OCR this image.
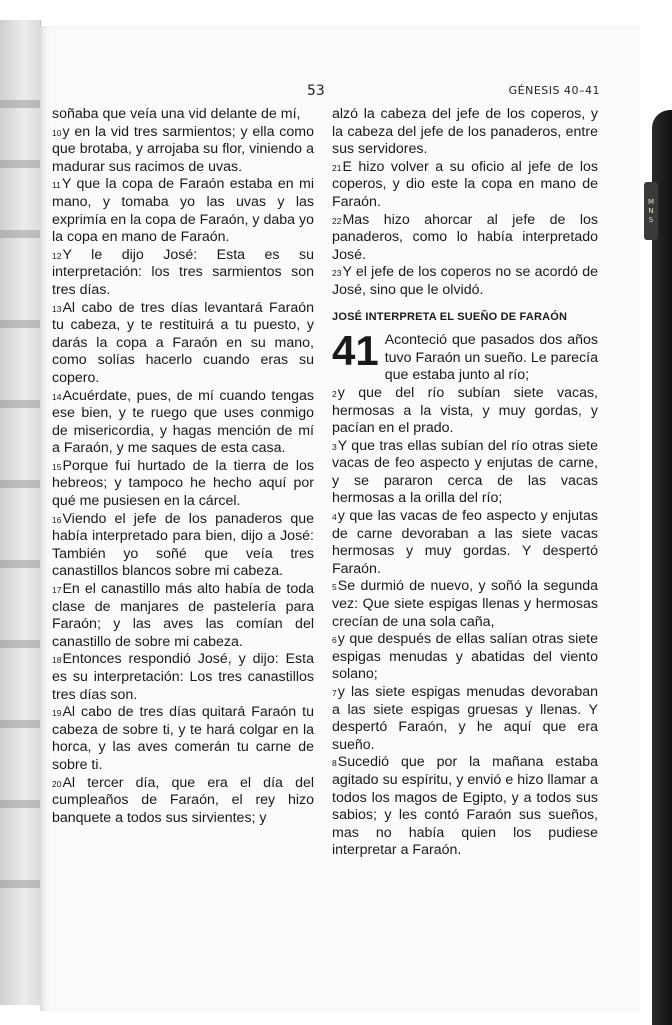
M
N
S
53	GÉNESIS 40–41

soñaba que veía una vid delante de mí,

$^{10}$y en la vid tres sarmientos; y ella como que brotaba, y arrojaba su flor, viniendo a madurar sus racimos de uvas.

$^{11}$Y que la copa de Faraón estaba en mi mano, y tomaba yo las uvas y las exprimía en la copa de Faraón, y daba yo la copa en mano de Faraón.

$^{12}$Y le dijo José: Esta es su interpretación: los tres sarmientos son tres días.

$^{13}$Al cabo de tres días levantará Faraón tu cabeza, y te restituirá a tu puesto, y darás la copa a Faraón en su mano, como solías hacerlo cuando eras su copero.

$^{14}$Acuérdate, pues, de mí cuando tengas ese bien, y te ruego que uses conmigo de misericordia, y hagas mención de mí a Faraón, y me saques de esta casa.

$^{15}$Porque fui hurtado de la tierra de los hebreos; y tampoco he hecho aquí por qué me pusiesen en la cárcel.

$^{16}$Viendo el jefe de los panaderos que había interpretado para bien, dijo a José: También yo soñé que veía tres canastillos blancos sobre mi cabeza.

$^{17}$En el canastillo más alto había de toda clase de manjares de pastelería para Faraón; y las aves las comían del canastillo de sobre mi cabeza.

$^{18}$Entonces respondió José, y dijo: Esta es su interpretación: Los tres canastillos tres días son.

$^{19}$Al cabo de tres días quitará Faraón tu cabeza de sobre ti, y te hará colgar en la horca, y las aves comerán tu carne de sobre ti.

$^{20}$Al tercer día, que era el día del cumpleaños de Faraón, el rey hizo banquete a todos sus sirvientes; y

alzó la cabeza del jefe de los coperos, y la cabeza del jefe de los panaderos, entre sus servidores.

$^{21}$E hizo volver a su oficio al jefe de los coperos, y dio este la copa en mano de Faraón.

$^{22}$Mas hizo ahorcar al jefe de los panaderos, como lo había interpretado José.

$^{23}$Y el jefe de los coperos no se acordó de José, sino que le olvidó.

JOSÉ INTERPRETA EL SUEÑO DE FARAÓN

41 Aconteció que pasados dos años tuvo Faraón un sueño. Le parecía que estaba junto al río;

$^2$y que del río subían siete vacas, hermosas a la vista, y muy gordas, y pacían en el prado.

$^3$Y que tras ellas subían del río otras siete vacas de feo aspecto y enjutas de carne, y se pararon cerca de las vacas hermosas a la orilla del río;

$^4$y que las vacas de feo aspecto y enjutas de carne devoraban a las siete vacas hermosas y muy gordas. Y despertó Faraón.

$^5$Se durmió de nuevo, y soñó la segunda vez: Que siete espigas llenas y hermosas crecían de una sola caña,

$^6$y que después de ellas salían otras siete espigas menudas y abatidas del viento solano;

$^7$y las siete espigas menudas devoraban a las siete espigas gruesas y llenas. Y despertó Faraón, y he aquí que era sueño.

$^8$Sucedió que por la mañana estaba agitado su espíritu, y envió e hizo llamar a todos los magos de Egipto, y a todos sus sabios; y les contó Faraón sus sueños, mas no había quien los pudiese interpretar a Faraón.
